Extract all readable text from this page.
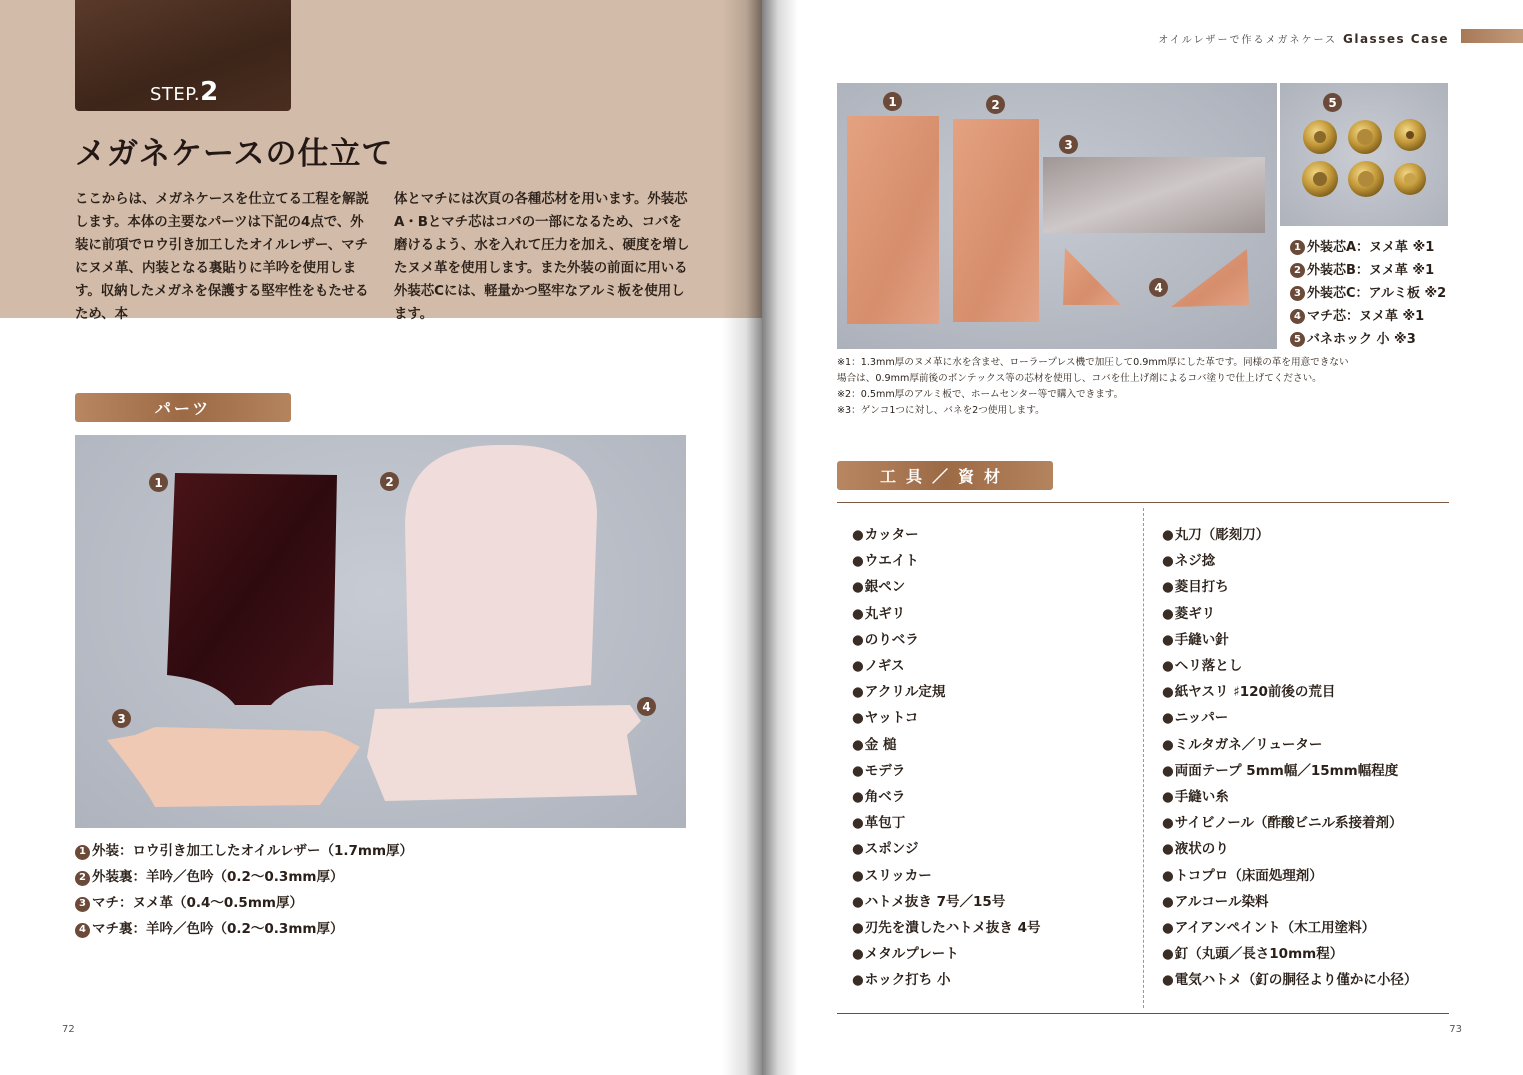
STEP.2
メガネケースの仕立て

ここからは、メガネケースを仕立てる工程を解説します。本体の主要なパーツは下記の4点で、外装に前項でロウ引き加工したオイルレザー、マチにヌメ革、内装となる裏貼りに羊吟を使用します。収納したメガネを保護する堅牢性をもたせるため、本

体とマチには次頁の各種芯材を用います。外装芯A・Bとマチ芯はコバの一部になるため、コバを磨けるよう、水を入れて圧力を加え、硬度を増したヌメ革を使用します。また外装の前面に用いる外装芯Cには、軽量かつ堅牢なアルミ板を使用します。

パーツ
1	2
3
4
1 外装：ロウ引き加工したオイルレザー（1.7mm厚）
2 外装裏：羊吟／色吟（0.2〜0.3mm厚）
3 マチ：ヌメ革（0.4〜0.5mm厚）
4 マチ裏：羊吟／色吟（0.2〜0.3mm厚）
72
オイルレザーで作るメガネケース Glasses Case
1	2
3
4
5
1 外装芯A：ヌメ革 ※1
2 外装芯B：ヌメ革 ※1
3 外装芯C：アルミ板 ※2
4 マチ芯：ヌメ革 ※1
5 バネホック 小 ※3
※1：1.3mm厚のヌメ革に水を含ませ、ローラープレス機で加圧して0.9mm厚にした革です。同様の革を用意できない
場合は、0.9mm厚前後のボンテックス等の芯材を使用し、コバを仕上げ剤によるコバ塗りで仕上げてください。
※2：0.5mm厚のアルミ板で、ホームセンター等で購入できます。
※3：ゲンコ1つに対し、バネを2つ使用します。
工具／資材
● カッター
● ウエイト
● 銀ペン
● 丸ギリ
● のりベラ
● ノギス
● アクリル定規
● ヤットコ
● 金 槌
● モデラ
● 角ベラ
● 革包丁
● スポンジ
● スリッカー
● ハトメ抜き 7号／15号
● 刃先を潰したハトメ抜き 4号
● メタルプレート
● ホック打ち 小
● 丸刀（彫刻刀）
● ネジ捻
● 菱目打ち
● 菱ギリ
● 手縫い針
● ヘリ落とし
● 紙ヤスリ ♯120前後の荒目
● ニッパー
● ミルタガネ／リューター
● 両面テープ 5mm幅／15mm幅程度
● 手縫い糸
● サイビノール（酢酸ビニル系接着剤）
● 液状のり
● トコプロ（床面処理剤）
● アルコール染料
● アイアンペイント（木工用塗料）
● 釘（丸頭／長さ10mm程）
● 電気ハトメ（釘の胴径より僅かに小径）
73
